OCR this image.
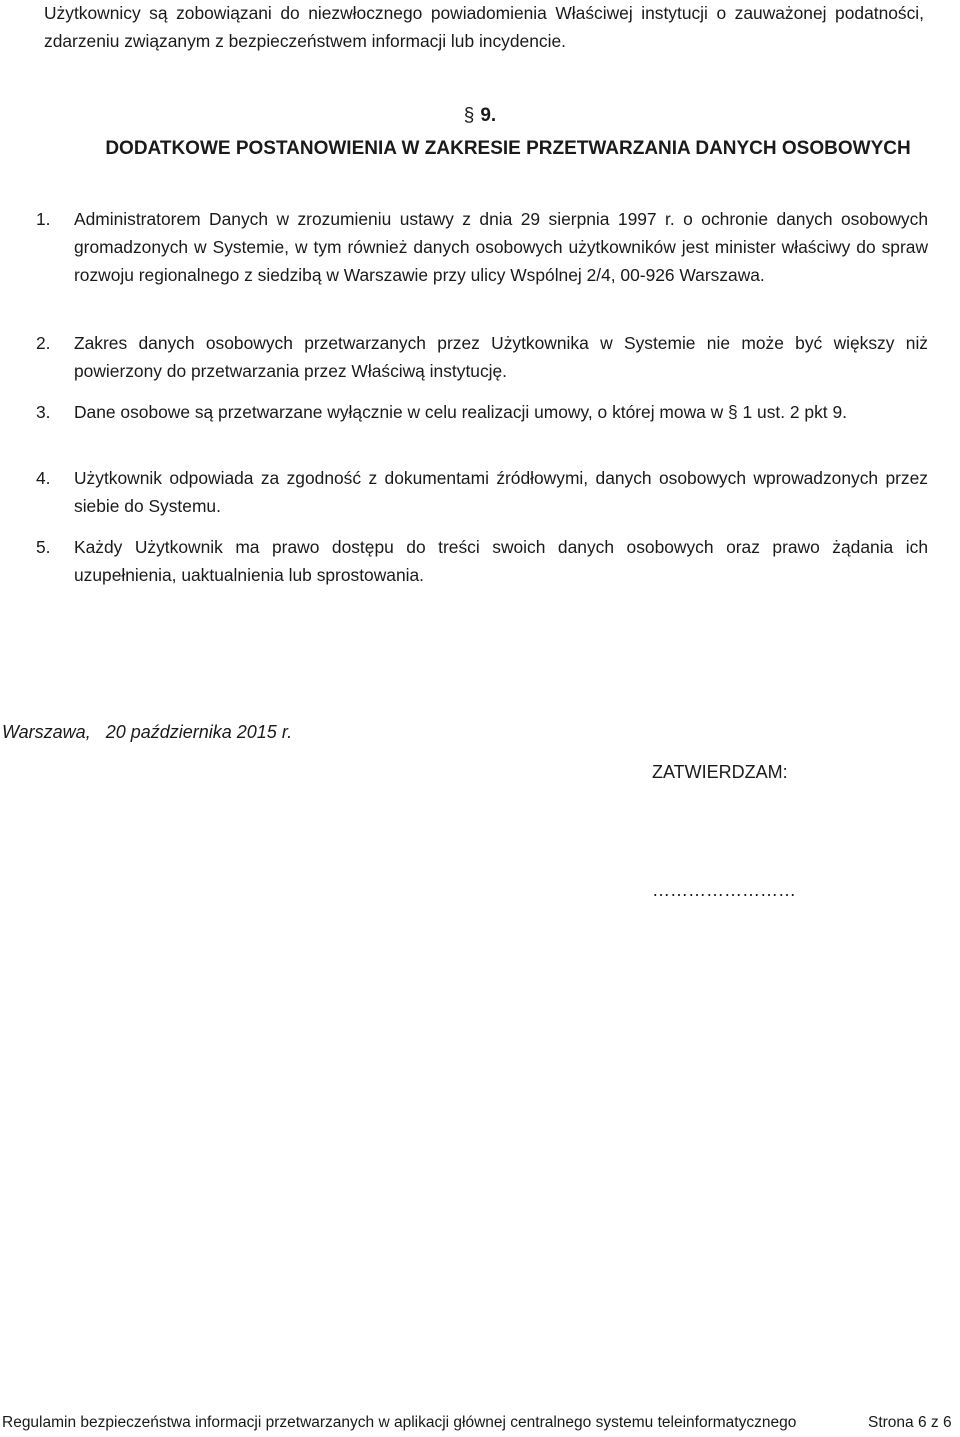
Użytkownicy są zobowiązani do niezwłocznego powiadomienia Właściwej instytucji o zauważonej podatności, zdarzeniu związanym z bezpieczeństwem informacji lub incydencie.
§ 9.
DODATKOWE POSTANOWIENIA W ZAKRESIE PRZETWARZANIA DANYCH OSOBOWYCH
1. Administratorem Danych w zrozumieniu ustawy z dnia 29 sierpnia 1997 r. o ochronie danych osobowych gromadzonych w Systemie, w tym również danych osobowych użytkowników jest minister właściwy do spraw rozwoju regionalnego z siedzibą w Warszawie przy ulicy Wspólnej 2/4, 00-926 Warszawa.
2. Zakres danych osobowych przetwarzanych przez Użytkownika w Systemie nie może być większy niż powierzony do przetwarzania przez Właściwą instytucję.
3. Dane osobowe są przetwarzane wyłącznie w celu realizacji umowy, o której mowa w § 1 ust. 2 pkt 9.
4. Użytkownik odpowiada za zgodność z dokumentami źródłowymi, danych osobowych wprowadzonych przez siebie do Systemu.
5. Każdy Użytkownik ma prawo dostępu do treści swoich danych osobowych oraz prawo żądania ich uzupełnienia, uaktualnienia lub sprostowania.
Warszawa,   20 października 2015 r.
ZATWIERDZAM:
……………………
Regulamin bezpieczeństwa informacji przetwarzanych w aplikacji głównej centralnego systemu teleinformatycznego	Strona 6 z 6
